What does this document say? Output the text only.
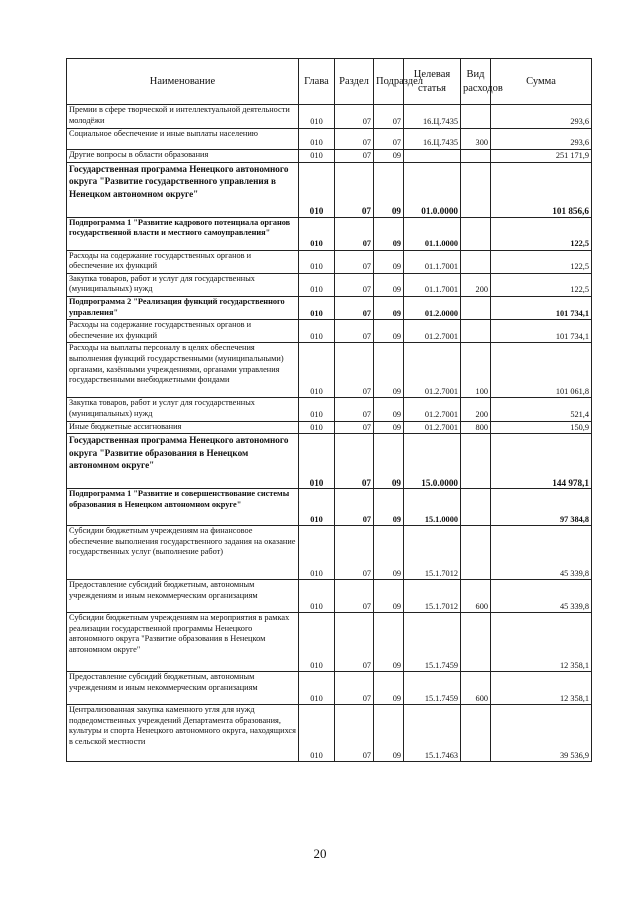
Наименование	Глава	Раздел	Подраздел	Целевая статья	Вид расходов	Сумма
Премии в сфере творческой и интеллектуальной деятельности молодёжи	010	07	07	16.Ц.7435		293,6
Социальное обеспечение и иные выплаты населению	010	07	07	16.Ц.7435	300	293,6
Другие вопросы в области образования	010	07	09			251 171,9
Государственная программа Ненецкого автономного округа "Развитие государственного управления в Ненецком автономном округе"	010	07	09	01.0.0000		101 856,6
Подпрограмма 1 "Развитие кадрового потенциала органов государственной власти и местного самоуправления"	010	07	09	01.1.0000		122,5
Расходы на содержание государственных органов и обеспечение их функций	010	07	09	01.1.7001		122,5
Закупка товаров, работ и услуг для государственных (муниципальных) нужд	010	07	09	01.1.7001	200	122,5
Подпрограмма 2 "Реализация функций государственного управления"	010	07	09	01.2.0000		101 734,1
Расходы на содержание государственных органов и обеспечение их функций	010	07	09	01.2.7001		101 734,1
Расходы на выплаты персоналу в целях обеспечения выполнения функций государственными (муниципальными) органами, казёнными учреждениями, органами управления государственными внебюджетными фондами	010	07	09	01.2.7001	100	101 061,8
Закупка товаров, работ и услуг для государственных (муниципальных) нужд	010	07	09	01.2.7001	200	521,4
Иные бюджетные ассигнования	010	07	09	01.2.7001	800	150,9
Государственная программа Ненецкого автономного округа "Развитие образования в Ненецком автономном округе"	010	07	09	15.0.0000		144 978,1
Подпрограмма 1 "Развитие и совершенствование системы образования в Ненецком автономном округе"	010	07	09	15.1.0000		97 384,8
Субсидии бюджетным учреждениям на финансовое обеспечение выполнения государственного задания на оказание государственных услуг (выполнение работ)	010	07	09	15.1.7012		45 339,8
Предоставление субсидий бюджетным, автономным учреждениям и иным некоммерческим организациям	010	07	09	15.1.7012	600	45 339,8
Субсидии бюджетным учреждениям на мероприятия в рамках реализации государственной программы Ненецкого автономного округа "Развитие образования в Ненецком автономном округе"	010	07	09	15.1.7459		12 358,1
Предоставление субсидий бюджетным, автономным учреждениям и иным некоммерческим организациям	010	07	09	15.1.7459	600	12 358,1
Централизованная закупка каменного угля для нужд подведомственных учреждений Департамента образования, культуры и спорта Ненецкого автономного округа, находящихся в сельской местности	010	07	09	15.1.7463		39 536,9
20
